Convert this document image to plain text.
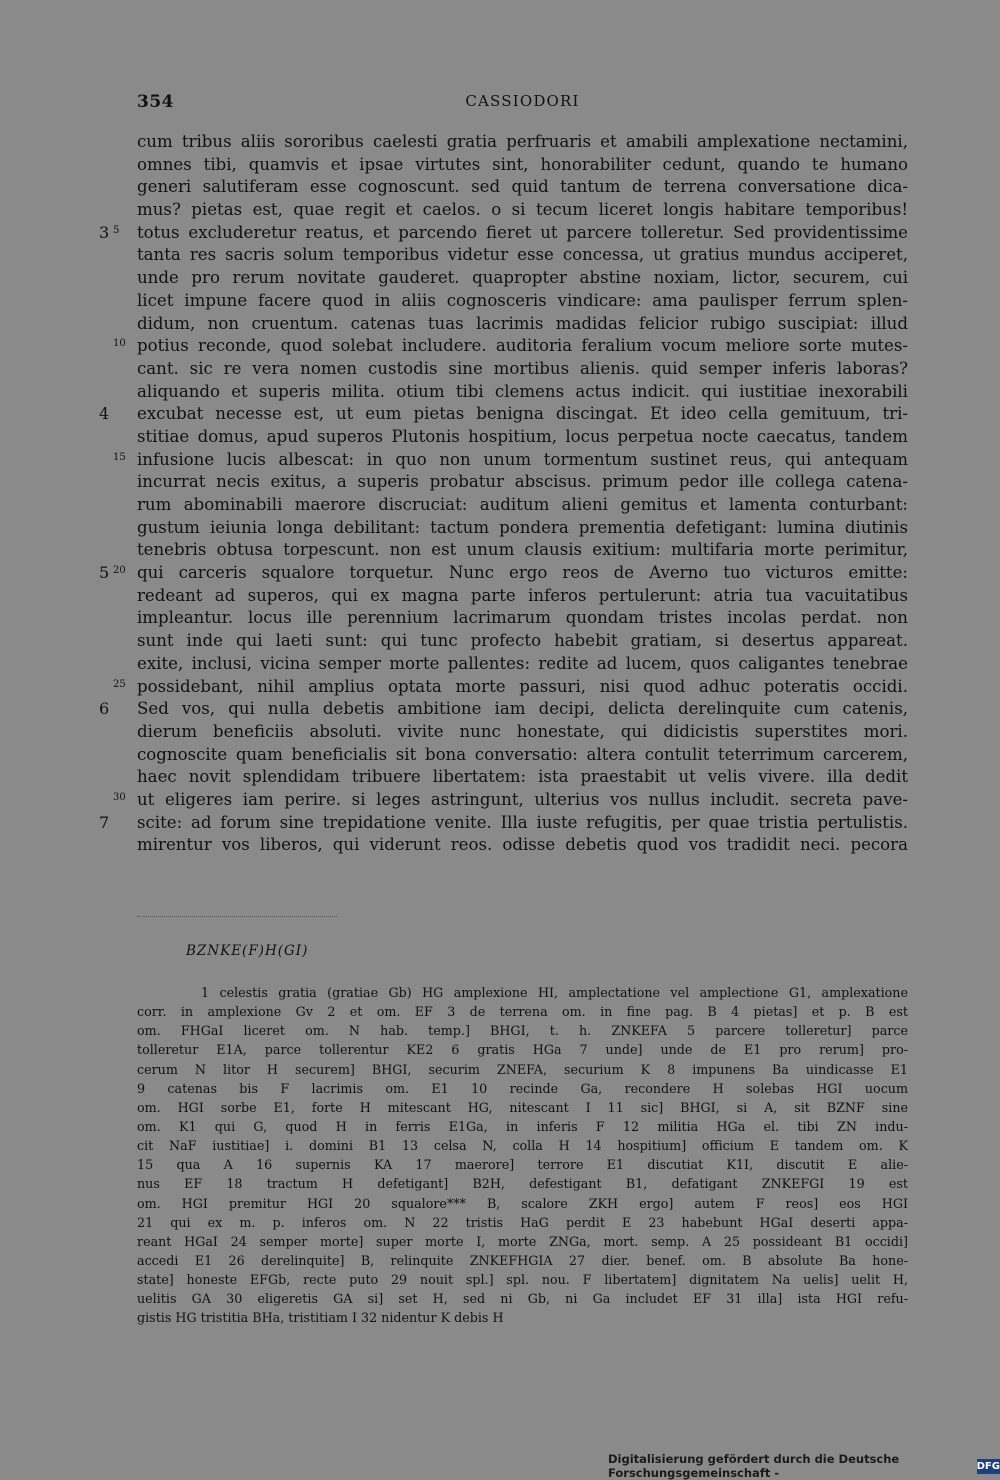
354	CASSIODORI
cum tribus aliis sororibus caelesti gratia perfruaris et amabili amplexatione nectamini,
omnes tibi, quamvis et ipsae virtutes sint, honorabiliter cedunt, quando te humano
generi salutiferam esse cognoscunt. sed quid tantum de terrena conversatione dica-
mus? pietas est, quae regit et caelos. o si tecum liceret longis habitare temporibus!
3 5	totus excluderetur reatus, et parcendo fieret ut parcere tolleretur. Sed providentissime
tanta res sacris solum temporibus videtur esse concessa, ut gratius mundus acciperet,
unde pro rerum novitate gauderet. quapropter abstine noxiam, lictor, securem, cui
licet impune facere quod in aliis cognosceris vindicare: ama paulisper ferrum splen-
didum, non cruentum. catenas tuas lacrimis madidas felicior rubigo suscipiat: illud
10 potius reconde, quod solebat includere. auditoria feralium vocum meliore sorte mutes-
cant. sic re vera nomen custodis sine mortibus alienis. quid semper inferis laboras?
aliquando et superis milita. otium tibi clemens actus indicit. qui iustitiae inexorabili
4	excubat necesse est, ut eum pietas benigna discingat. Et ideo cella gemituum, tri-
stitiae domus, apud superos Plutonis hospitium, locus perpetua nocte caecatus, tandem
15 infusione lucis albescat: in quo non unum tormentum sustinet reus, qui antequam
incurrat necis exitus, a superis probatur abscisus. primum pedor ille collega catena-
rum abominabili maerore discruciat: auditum alieni gemitus et lamenta conturbant:
gustum ieiunia longa debilitant: tactum pondera prementia defetigant: lumina diutinis
tenebris obtusa torpescunt. non est unum clausis exitium: multifaria morte perimitur,
5 20 qui carceris squalore torquetur. Nunc ergo reos de Averno tuo victuros emitte:
redeant ad superos, qui ex magna parte inferos pertulerunt: atria tua vacuitatibus
impleantur. locus ille perennium lacrimarum quondam tristes incolas perdat. non
sunt inde qui laeti sunt: qui tunc profecto habebit gratiam, si desertus appareat.
exite, inclusi, vicina semper morte pallentes: redite ad lucem, quos caligantes tenebrae
25 possidebant, nihil amplius optata morte passuri, nisi quod adhuc poteratis occidi.
6	Sed vos, qui nulla debetis ambitione iam decipi, delicta derelinquite cum catenis,
dierum beneficiis absoluti. vivite nunc honestate, qui didicistis superstites mori.
cognoscite quam beneficialis sit bona conversatio: altera contulit teterrimum carcerem,
haec novit splendidam tribuere libertatem: ista praestabit ut velis vivere. illa dedit
30 ut eligeres iam perire. si leges astringunt, ulterius vos nullus includit. secreta pave-
7	scite: ad forum sine trepidatione venite. Illa iuste refugitis, per quae tristia pertulistis.
mirentur vos liberos, qui viderunt reos. odisse debetis quod vos tradidit neci. pecora
BZNKE(F)H(GI)
1 celestis gratia (gratiae Gb) HG amplexione HI, amplectatione vel amplectione G1, amplexatione
corr. in amplexione Gv 2 et om. EF 3 de terrena om. in fine pag. B 4 pietas] et p. B est
om. FHGaI liceret om. N hab. temp.] BHGI, t. h. ZNKEFA 5 parcere tolleretur] parce
tolleretur E1A, parce tollerentur KE2 6 gratis HGa 7 unde] unde de E1 pro rerum] pro-
cerum N litor H securem] BHGI, securim ZNEFA, securium K 8 impunens Ba uindicasse E1
9 catenas bis F lacrimis om. E1 10 recinde Ga, recondere H solebas HGI uocum
om. HGI sorbe E1, forte H mitescant HG, nitescant I 11 sic] BHGI, si A, sit BZNF sine
om. K1 qui G, quod H in ferris E1Ga, in inferis F 12 militia HGa el. tibi ZN indu-
cit NaF iustitiae] i. domini B1 13 celsa N, colla H 14 hospitium] officium E tandem om. K
15 qua A 16 supernis KA 17 maerore] terrore E1 discutiat K1I, discutit E alie-
nus EF 18 tractum H defetigant] B2H, defestigant B1, defatigant ZNKEFGI 19 est
om. HGI premitur HGI 20 squalore*** B, scalore ZKH ergo] autem F reos] eos HGI
21 qui ex m. p. inferos om. N 22 tristis HaG perdit E 23 habebunt HGaI deserti appa-
reant HGaI 24 semper morte] super morte I, morte ZNGa, mort. semp. A 25 possideant B1 occidi]
accedi E1 26 derelinquite] B, relinquite ZNKEFHGIA 27 dier. benef. om. B absolute Ba hone-
state] honeste EFGb, recte puto 29 nouit spl.] spl. nou. F libertatem] dignitatem Na uelis] uelit H,
uelitis GA 30 eligeretis GA si] set H, sed ni Gb, ni Ga includet EF 31 illa] ista HGI refu-
gistis HG tristitia BHa, tristitiam I 32 nidentur K debis H
Digitalisierung gefördert durch die Deutsche Forschungsgemeinschaft -	DFG
